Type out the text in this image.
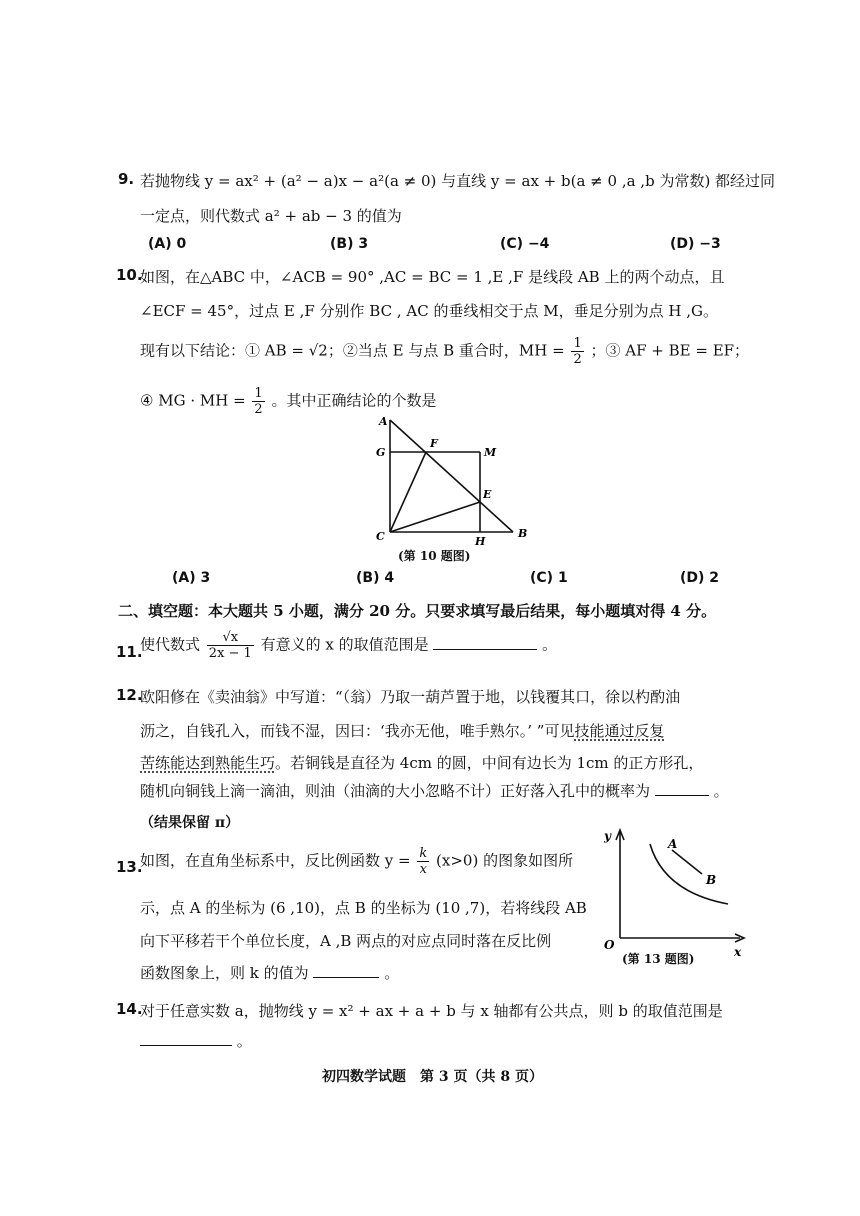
9. 若抛物线 y = ax² + (a² − a)x − a²(a ≠ 0) 与直线 y = ax + b(a ≠ 0 ,a ,b 为常数) 都经过同
一定点，则代数式 a² + ab − 3 的值为
(A) 0	(B) 3	(C) −4	(D) −3
10.
如图，在△ABC 中，∠ACB = 90° ,AC = BC = 1 ,E ,F 是线段 AB 上的两个动点，且
∠ECF = 45°，过点 E ,F 分别作 BC , AC 的垂线相交于点 M，垂足分别为点 H ,G。
现有以下结论：① AB = √2；②当点 E 与点 B 重合时，MH = $\frac{1}{2}$ ；③ AF + BE = EF；
④ MG · MH = $\frac{1}{2}$ 。其中正确结论的个数是
A
F
M
G
E
C	H
B
(第 10 题图)
(A) 3	(B) 4	(C) 1	(D) 2
二、填空题：本大题共 5 小题，满分 20 分。只要求填写最后结果，每小题填对得 4 分。
11.
使代数式 $\frac{√x}{2x - 1}$ 有意义的 x 的取值范围是	。
12.
欧阳修在《卖油翁》中写道：“（翁）乃取一葫芦置于地，以钱覆其口，徐以杓酌油
沥之，自钱孔入，而钱不湿，因曰：‘我亦无他，唯手熟尔。’ ”可见技能通过反复
苦练能达到熟能生巧。若铜钱是直径为 4cm 的圆，中间有边长为 1cm 的正方形孔，
随机向铜钱上滴一滴油，则油（油滴的大小忽略不计）正好落入孔中的概率为	。
（结果保留 π）
13.
如图，在直角坐标系中，反比例函数 $y = \frac{k}{x} (x>0)$ 的图象如图所
示，点 A 的坐标为 (6 ,10)，点 B 的坐标为 (10 ,7)，若将线段 AB
向下平移若干个单位长度，A ,B 两点的对应点同时落在反比例
函数图象上，则 k 的值为	。
y
A
B
O	x
(第 13 题图)
14.
对于任意实数 a，抛物线 y = x² + ax + a + b 与 x 轴都有公共点，则 b 的取值范围是
。
初四数学试题　第 3 页（共 8 页）
